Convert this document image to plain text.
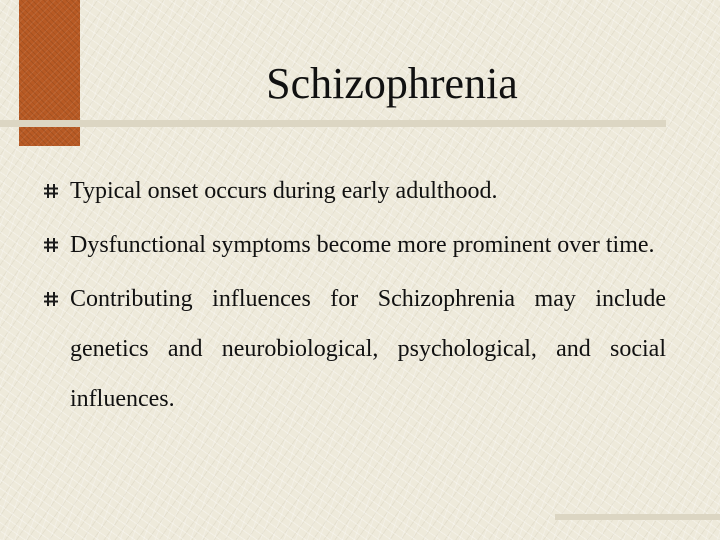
Schizophrenia
Typical onset occurs during early adulthood.
Dysfunctional symptoms become more prominent over time.
Contributing influences for Schizophrenia may include genetics and neurobiological, psychological, and social influences.
